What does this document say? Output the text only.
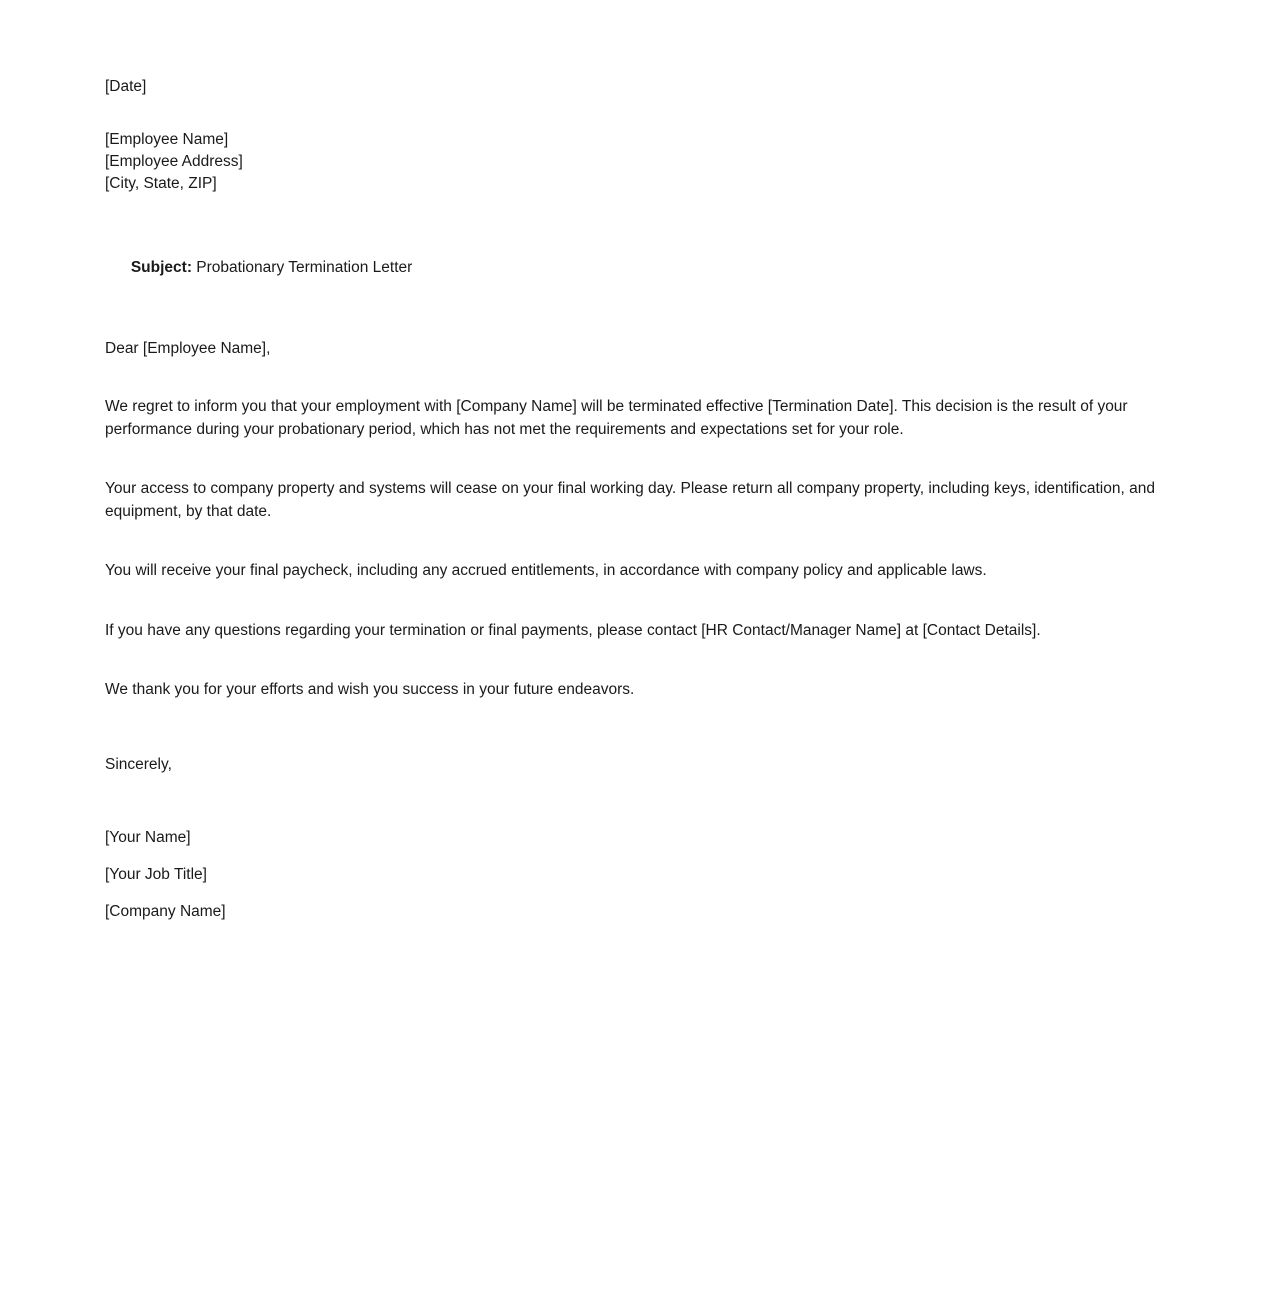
[Date]
[Employee Name]
[Employee Address]
[City, State, ZIP]

Subject: Probationary Termination Letter

Dear [Employee Name],

We regret to inform you that your employment with [Company Name] will be terminated effective [Termination Date]. This decision is the result of your performance during your probationary period, which has not met the requirements and expectations set for your role.

Your access to company property and systems will cease on your final working day. Please return all company property, including keys, identification, and equipment, by that date.

You will receive your final paycheck, including any accrued entitlements, in accordance with company policy and applicable laws.

If you have any questions regarding your termination or final payments, please contact [HR Contact/Manager Name] at [Contact Details].

We thank you for your efforts and wish you success in your future endeavors.

Sincerely,
[Your Name]
[Your Job Title]
[Company Name]
